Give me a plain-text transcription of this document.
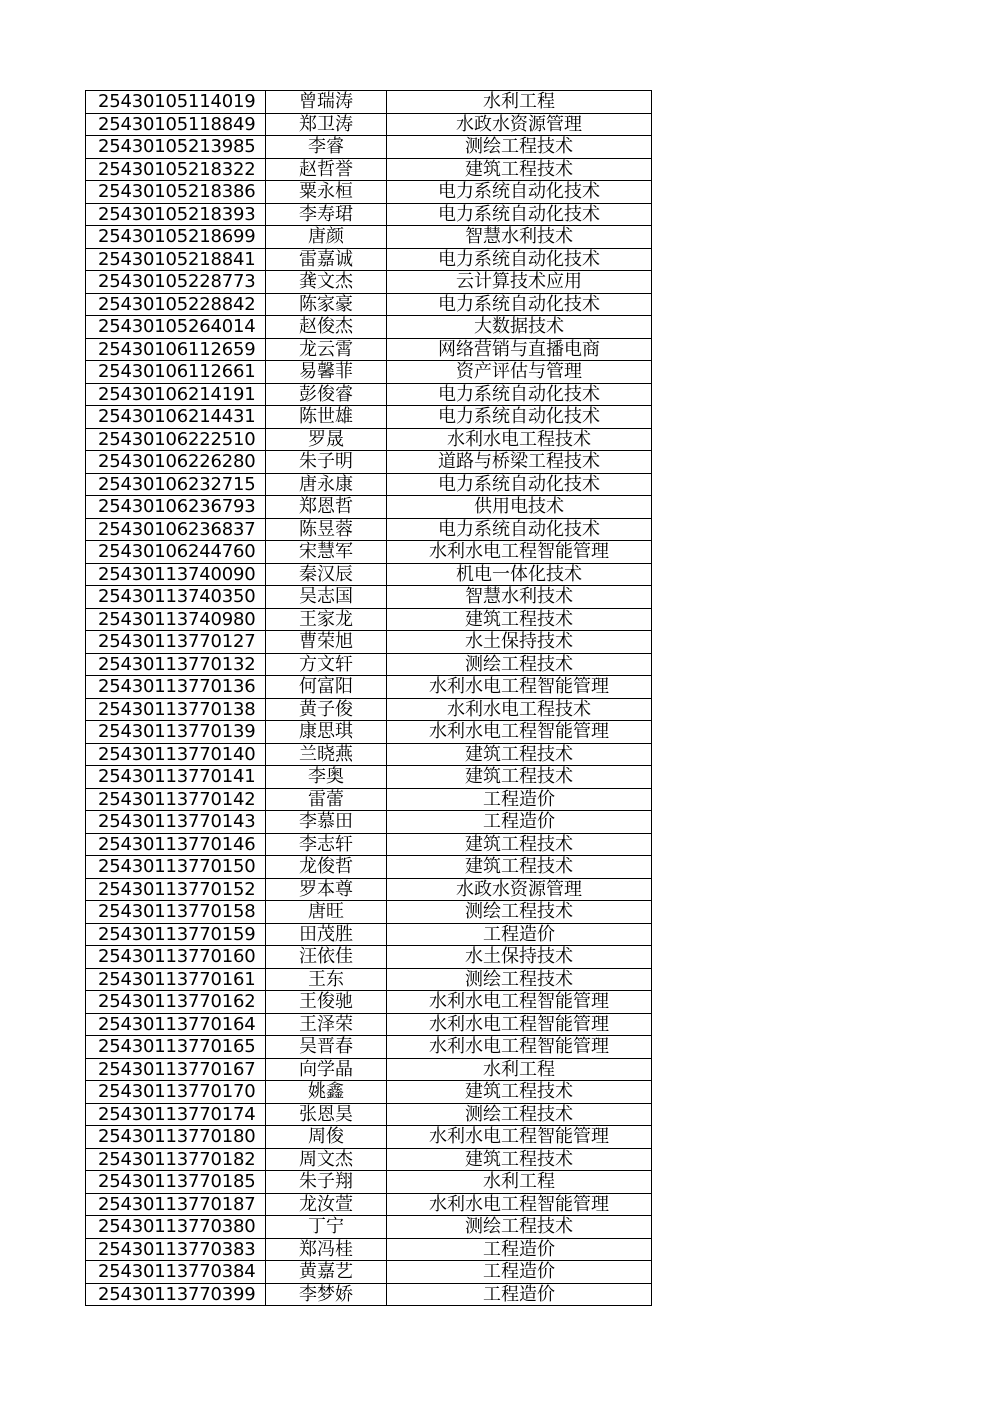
25430105114019	曾瑞涛	水利工程
25430105118849	郑卫涛	水政水资源管理
25430105213985	李睿	测绘工程技术
25430105218322	赵哲誉	建筑工程技术
25430105218386	粟永桓	电力系统自动化技术
25430105218393	李寿珺	电力系统自动化技术
25430105218699	唐颜	智慧水利技术
25430105218841	雷嘉诚	电力系统自动化技术
25430105228773	龚文杰	云计算技术应用
25430105228842	陈家豪	电力系统自动化技术
25430105264014	赵俊杰	大数据技术
25430106112659	龙云霄	网络营销与直播电商
25430106112661	易馨菲	资产评估与管理
25430106214191	彭俊睿	电力系统自动化技术
25430106214431	陈世雄	电力系统自动化技术
25430106222510	罗晟	水利水电工程技术
25430106226280	朱子明	道路与桥梁工程技术
25430106232715	唐永康	电力系统自动化技术
25430106236793	郑恩哲	供用电技术
25430106236837	陈昱蓉	电力系统自动化技术
25430106244760	宋慧军	水利水电工程智能管理
25430113740090	秦汉辰	机电一体化技术
25430113740350	吴志国	智慧水利技术
25430113740980	王家龙	建筑工程技术
25430113770127	曹荣旭	水土保持技术
25430113770132	方文轩	测绘工程技术
25430113770136	何富阳	水利水电工程智能管理
25430113770138	黄子俊	水利水电工程技术
25430113770139	康思琪	水利水电工程智能管理
25430113770140	兰晓燕	建筑工程技术
25430113770141	李奥	建筑工程技术
25430113770142	雷蕾	工程造价
25430113770143	李慕田	工程造价
25430113770146	李志轩	建筑工程技术
25430113770150	龙俊哲	建筑工程技术
25430113770152	罗本尊	水政水资源管理
25430113770158	唐旺	测绘工程技术
25430113770159	田茂胜	工程造价
25430113770160	汪依佳	水土保持技术
25430113770161	王东	测绘工程技术
25430113770162	王俊驰	水利水电工程智能管理
25430113770164	王泽荣	水利水电工程智能管理
25430113770165	吴晋春	水利水电工程智能管理
25430113770167	向学晶	水利工程
25430113770170	姚鑫	建筑工程技术
25430113770174	张恩昊	测绘工程技术
25430113770180	周俊	水利水电工程智能管理
25430113770182	周文杰	建筑工程技术
25430113770185	朱子翔	水利工程
25430113770187	龙汝萱	水利水电工程智能管理
25430113770380	丁宁	测绘工程技术
25430113770383	郑冯桂	工程造价
25430113770384	黄嘉艺	工程造价
25430113770399	李梦娇	工程造价
